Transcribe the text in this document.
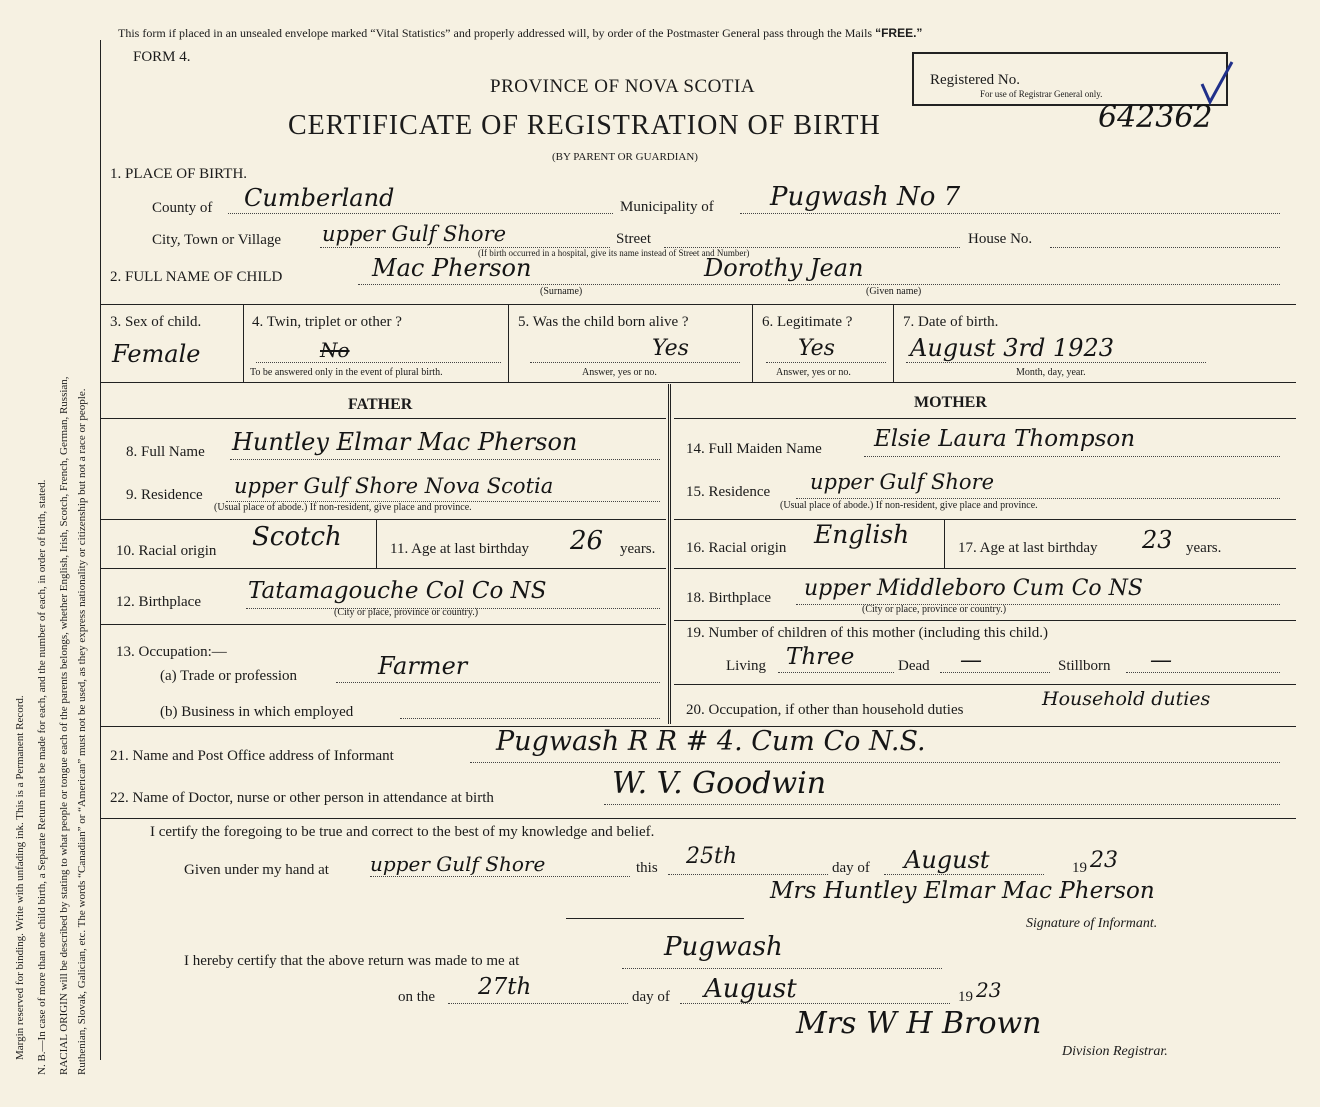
Margin reserved for binding. Write with unfading ink. This is a Permanent Record. N. B.—In case of more than one child birth, a Separate Return must be made for each, and the number of each, in order of birth, stated. RACIAL ORIGIN will be described by stating to what people or tongue each of the parents belongs, whether English, Irish, Scotch, French, German, Russian, Ruthenian, Slovak, Galician, etc. The words “Canadian” or “American” must not be used, as they express nationality or citizenship but not a race or people.
This form if placed in an unsealed envelope marked “Vital Statistics” and properly addressed will, by order of the Postmaster General pass through the Mails “FREE.”
FORM 4.
PROVINCE OF NOVA SCOTIA
CERTIFICATE OF REGISTRATION OF BIRTH
(BY PARENT OR GUARDIAN)
Registered No.
For use of Registrar General only.
642362
1. PLACE OF BIRTH.
County of Cumberland	Municipality of Pugwash No 7
City, Town or Village upper Gulf Shore	Street	House No.
(If birth occurred in a hospital, give its name instead of Street and Number)
2. FULL NAME OF CHILD	Mac Pherson	Dorothy Jean
(Surname)	(Given name)
3. Sex of child.
Female
4. Twin, triplet or other ?
No
To be answered only in the event of plural birth.
5. Was the child born alive ?
Yes
Answer, yes or no.
6. Legitimate ?
Yes
Answer, yes or no.
7. Date of birth.
August 3rd 1923
Month, day, year.
FATHER	MOTHER
8. Full Name Huntley Elmar Mac Pherson
9. Residence upper Gulf Shore Nova Scotia
(Usual place of abode.) If non-resident, give place and province.
10. Racial origin Scotch	11. Age at last birthday 26 years.
12. Birthplace Tatamagouche Col Co NS
(City or place, province or country.)
13. Occupation:—
(a) Trade or profession	Farmer
(b) Business in which employed
14. Full Maiden Name Elsie Laura Thompson
15. Residence upper Gulf Shore
(Usual place of abode.) If non-resident, give place and province.
16. Racial origin English	17. Age at last birthday 23 years.
18. Birthplace upper Middleboro Cum Co NS
(City or place, province or country.)
19. Number of children of this mother (including this child.)
Living Three	Dead —	Stillborn —
20. Occupation, if other than household duties	Household duties
21. Name and Post Office address of Informant	Pugwash R R # 4. Cum Co N.S.
22. Name of Doctor, nurse or other person in attendance at birth	W. V. Goodwin
I certify the foregoing to be true and correct to the best of my knowledge and belief.
Given under my hand at upper Gulf Shore	this 25th	day of August	19 23
Mrs Huntley Elmar Mac Pherson
Signature of Informant.
I hereby certify that the above return was made to me at	Pugwash
on the 27th	day of August	19 23
Mrs W H Brown
Division Registrar.
